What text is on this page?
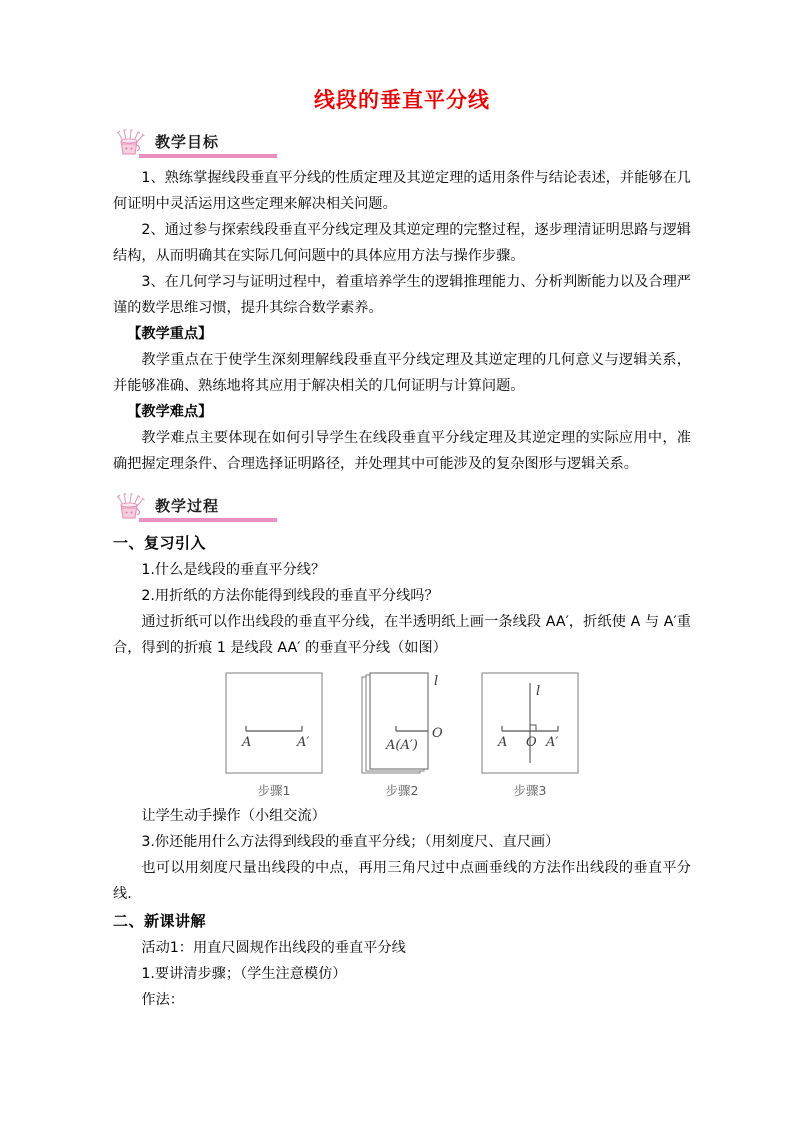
线段的垂直平分线
教学目标

1、熟练掌握线段垂直平分线的性质定理及其逆定理的适用条件与结论表述，并能够在几何证明中灵活运用这些定理来解决相关问题。

2、通过参与探索线段垂直平分线定理及其逆定理的完整过程，逐步理清证明思路与逻辑结构，从而明确其在实际几何问题中的具体应用方法与操作步骤。

3、在几何学习与证明过程中，着重培养学生的逻辑推理能力、分析判断能力以及合理严谨的数学思维习惯，提升其综合数学素养。

【教学重点】

教学重点在于使学生深刻理解线段垂直平分线定理及其逆定理的几何意义与逻辑关系，并能够准确、熟练地将其应用于解决相关的几何证明与计算问题。

【教学难点】

教学难点主要体现在如何引导学生在线段垂直平分线定理及其逆定理的实际应用中，准确把握定理条件、合理选择证明路径，并处理其中可能涉及的复杂图形与逻辑关系。

教学过程

一、复习引入

1.什么是线段的垂直平分线？

2.用折纸的方法你能得到线段的垂直平分线吗？

通过折纸可以作出线段的垂直平分线，在半透明纸上画一条线段 AA′，折纸使 A 与 A′重合，得到的折痕 1 是线段 AA′ 的垂直平分线（如图）

A	A′
步骤1
l
O
A(A′)
步骤2
l
A O A′
步骤3

让学生动手操作（小组交流）

3.你还能用什么方法得到线段的垂直平分线；（用刻度尺、直尺画）

也可以用刻度尺量出线段的中点，再用三角尺过中点画垂线的方法作出线段的垂直平分线.

二、新课讲解

活动1：用直尺圆规作出线段的垂直平分线

1.要讲清步骤；（学生注意模仿）

作法：
